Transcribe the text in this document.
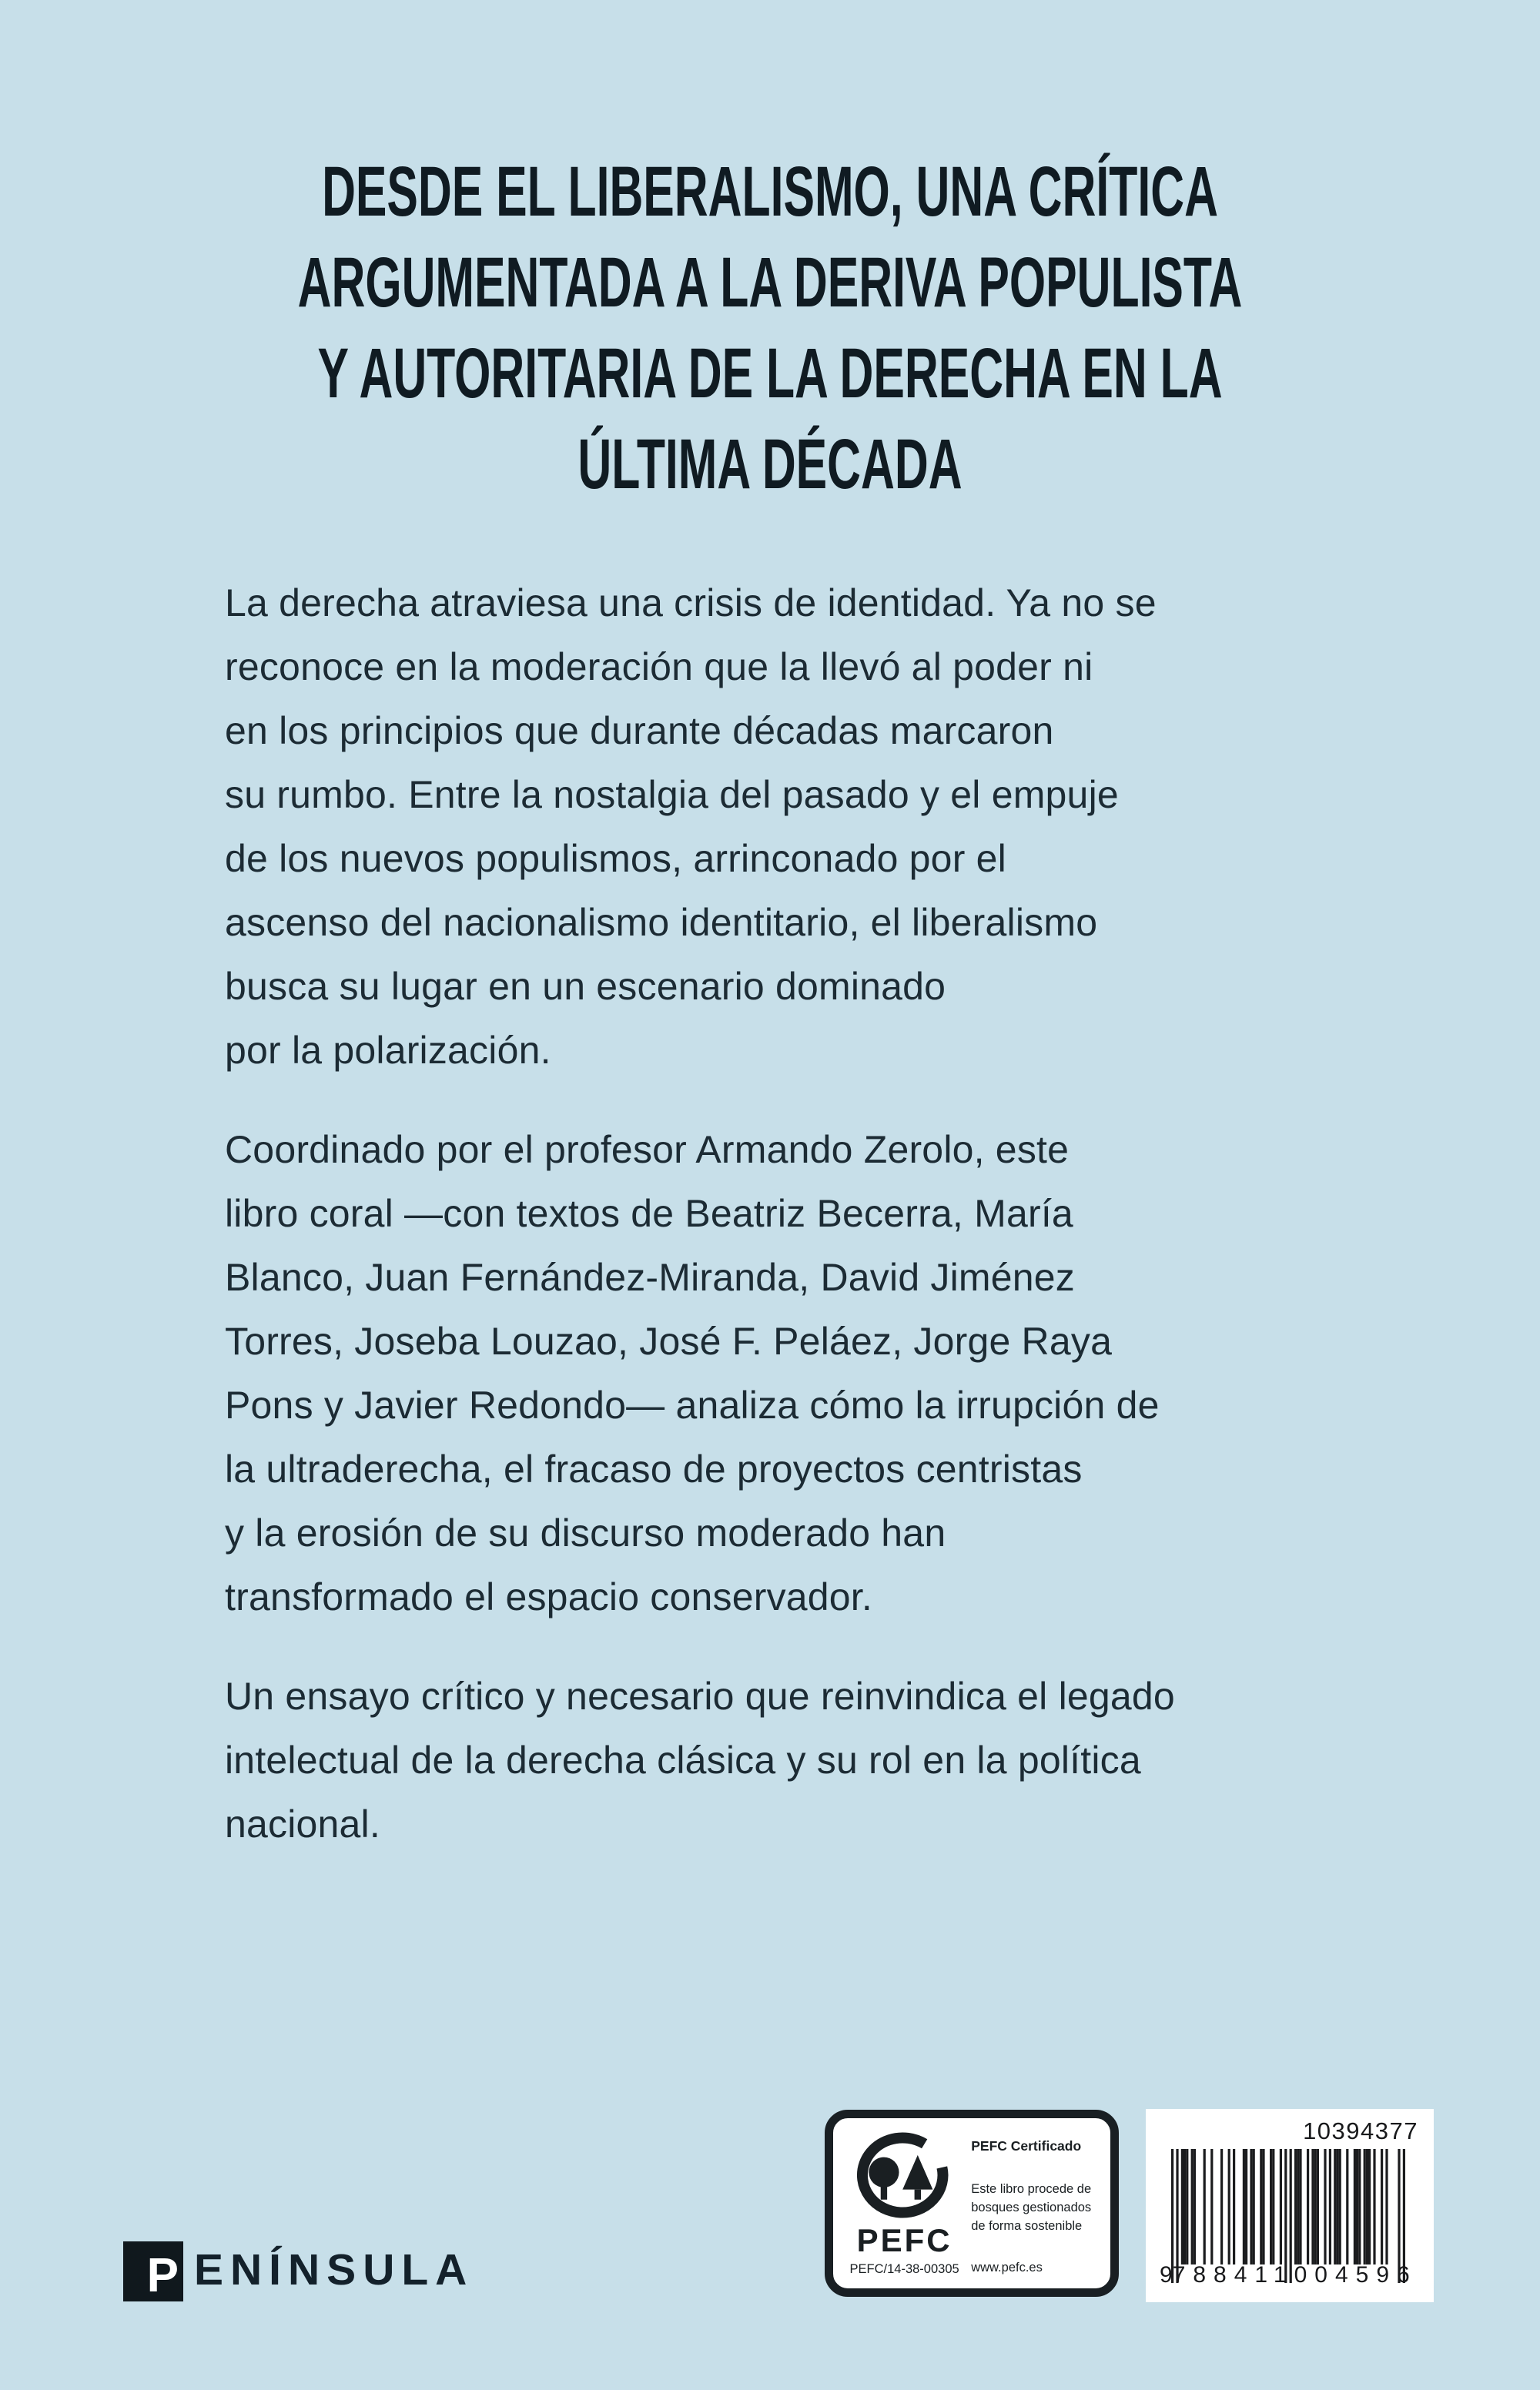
DESDE EL LIBERALISMO, UNA CRÍTICA
ARGUMENTADA A LA DERIVA POPULISTA
Y AUTORITARIA DE LA DERECHA EN LA
ÚLTIMA DÉCADA
La derecha atraviesa una crisis de identidad. Ya no se
reconoce en la moderación que la llevó al poder ni
en los principios que durante décadas marcaron
su rumbo. Entre la nostalgia del pasado y el empuje
de los nuevos populismos, arrinconado por el
ascenso del nacionalismo identitario, el liberalismo
busca su lugar en un escenario dominado
por la polarización.
Coordinado por el profesor Armando Zerolo, este
libro coral —con textos de Beatriz Becerra, María
Blanco, Juan Fernández-Miranda, David Jiménez
Torres, Joseba Louzao, José F. Peláez, Jorge Raya
Pons y Javier Redondo— analiza cómo la irrupción de
la ultraderecha, el fracaso de proyectos centristas
y la erosión de su discurso moderado han
transformado el espacio conservador.
Un ensayo crítico y necesario que reinvindica el legado
intelectual de la derecha clásica y su rol en la política
nacional.
P ENÍNSULA
PEFC
PEFC/14-38-00305
PEFC Certificado
Este libro procede de
bosques gestionados
de forma sostenible
www.pefc.es
10394377
9 788411 004596
